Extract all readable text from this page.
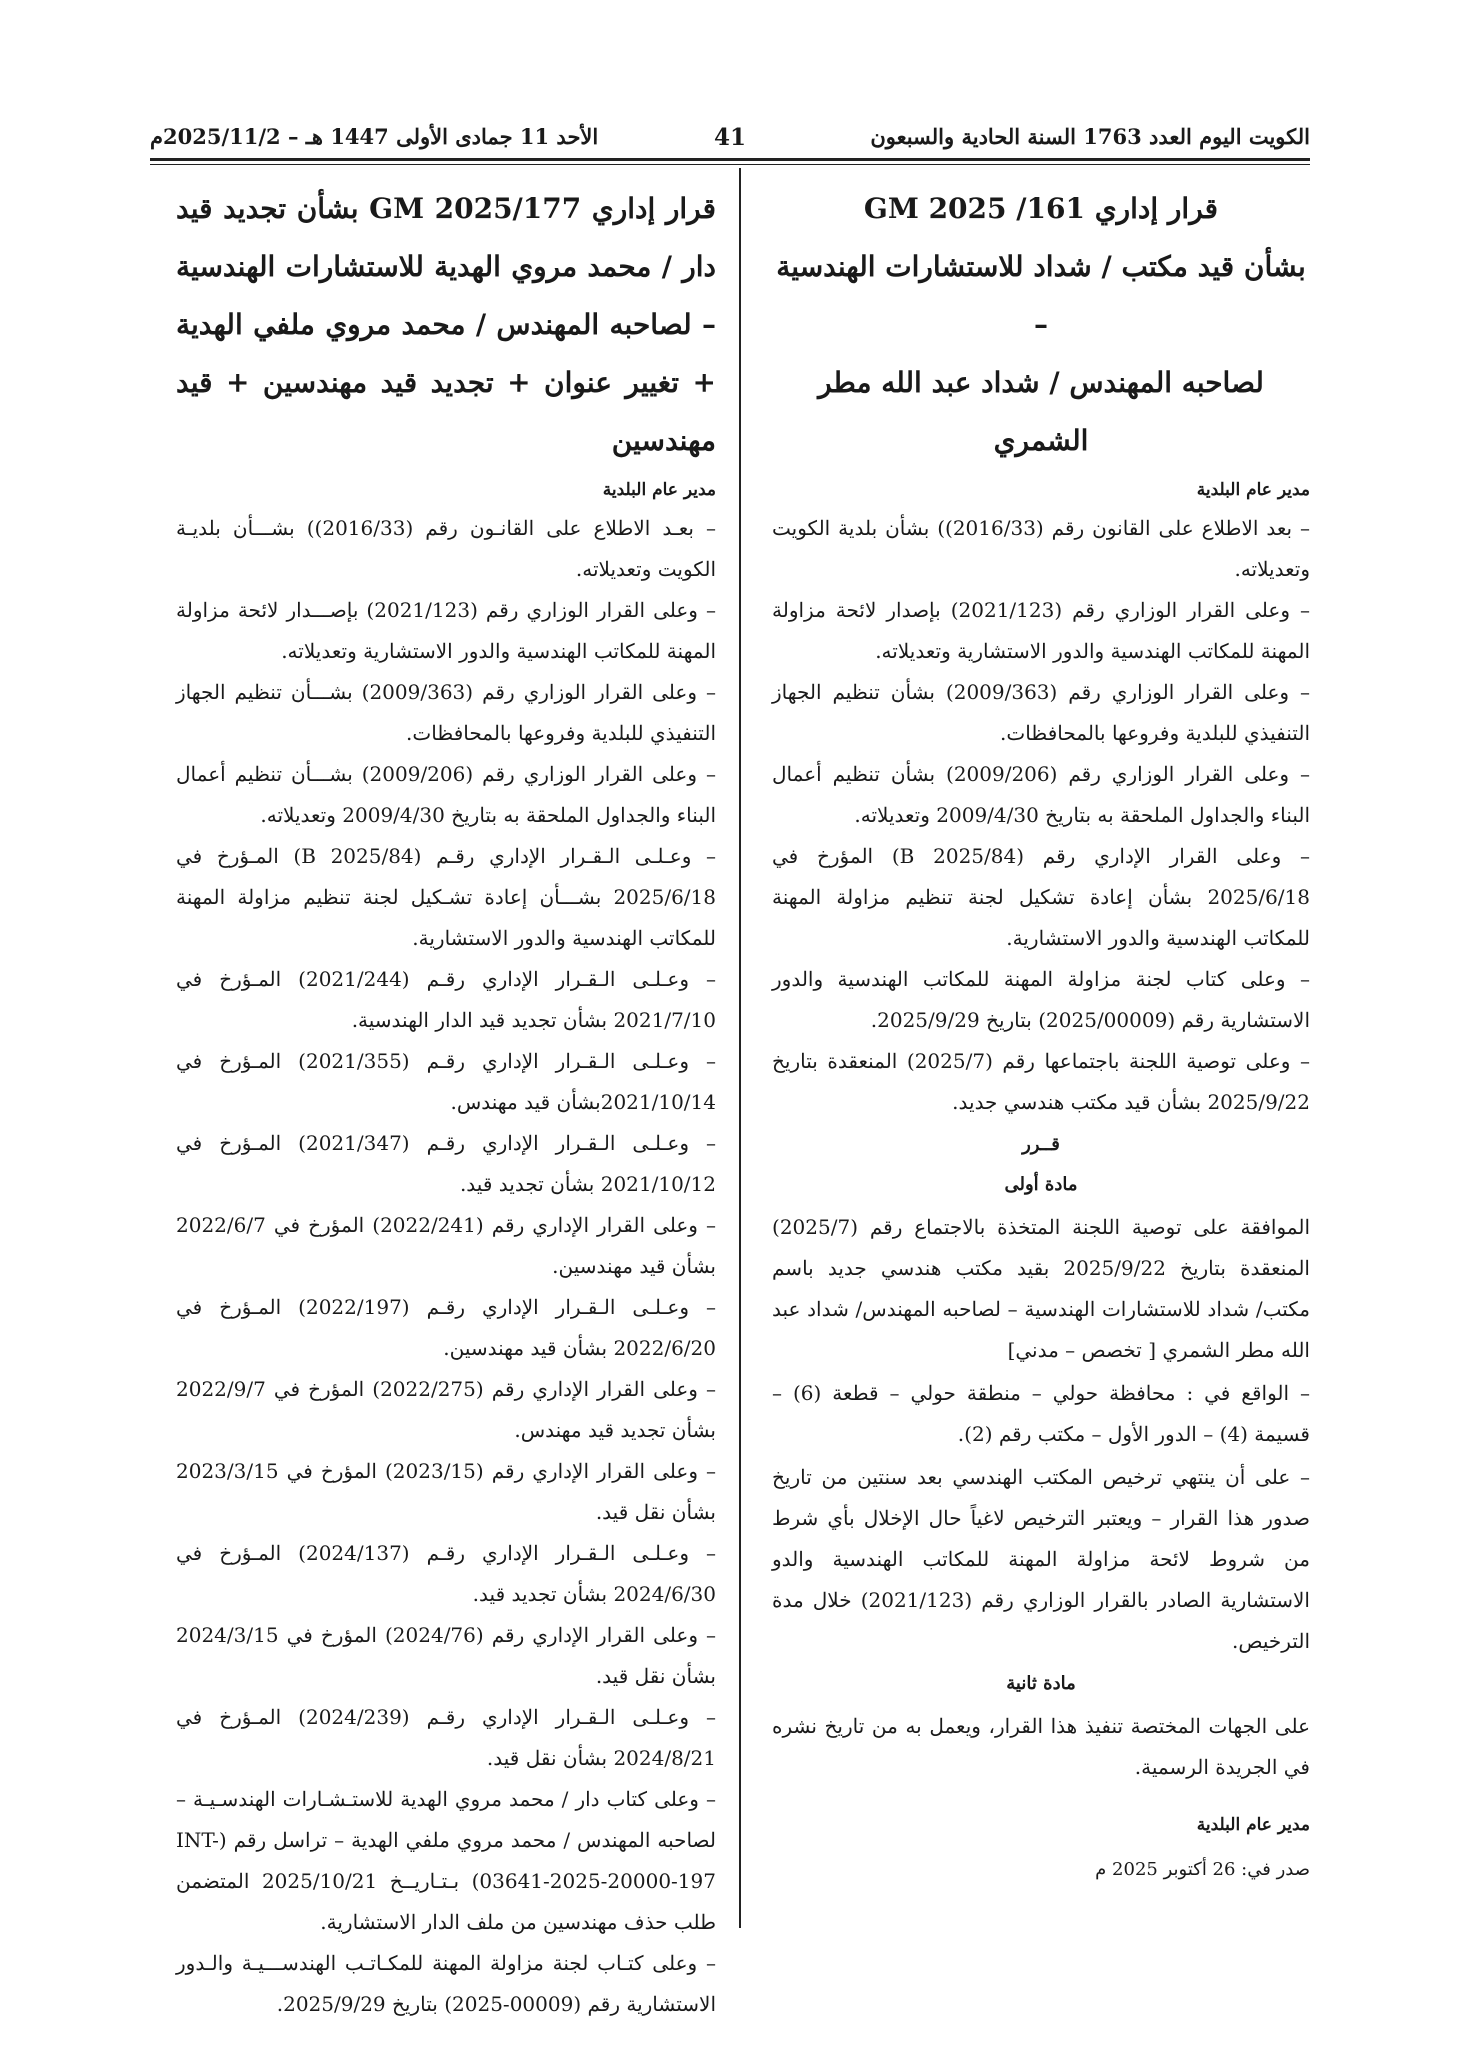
الأحد 11 جمادى الأولى 1447 هـ – 2025/11/2م	41	الكويت اليوم العدد 1763 السنة الحادية والسبعون

قرار إداري 161/ 2025 GM

بشأن قيد مكتب / شداد للاستشارات الهندسية –

لصاحبه المهندس / شداد عبد الله مطر الشمري

مدير عام البلدية

– بعد الاطلاع على القانون رقم (2016/33)) بشأن بلدية الكويت وتعديلاته.

– وعلى القرار الوزاري رقم (2021/123) بإصدار لائحة مزاولة المهنة للمكاتب الهندسية والدور الاستشارية وتعديلاته.

– وعلى القرار الوزاري رقم (2009/363) بشأن تنظيم الجهاز التنفيذي للبلدية وفروعها بالمحافظات.

– وعلى القرار الوزاري رقم (2009/206) بشأن تنظيم أعمال البناء والجداول الملحقة به بتاريخ 2009/4/30 وتعديلاته.

– وعلى القرار الإداري رقم (B 2025/84) المؤرخ في 2025/6/18 بشأن إعادة تشكيل لجنة تنظيم مزاولة المهنة للمكاتب الهندسية والدور الاستشارية.

– وعلى كتاب لجنة مزاولة المهنة للمكاتب الهندسية والدور الاستشارية رقم (2025/00009) بتاريخ 2025/9/29.

– وعلى توصية اللجنة باجتماعها رقم (2025/7) المنعقدة بتاريخ 2025/9/22 بشأن قيد مكتب هندسي جديد.

قــرر
مادة أولى

الموافقة على توصية اللجنة المتخذة بالاجتماع رقم (2025/7) المنعقدة بتاريخ 2025/9/22 بقيد مكتب هندسي جديد باسم مكتب/ شداد للاستشارات الهندسية – لصاحبه المهندس/ شداد عبد الله مطر الشمري [ تخصص – مدني]

– الواقع في : محافظة حولي – منطقة حولي – قطعة (6) – قسيمة (4) – الدور الأول – مكتب رقم (2).

– على أن ينتهي ترخيص المكتب الهندسي بعد سنتين من تاريخ صدور هذا القرار – ويعتبر الترخيص لاغياً حال الإخلال بأي شرط من شروط لائحة مزاولة المهنة للمكاتب الهندسية والدو الاستشارية الصادر بالقرار الوزاري رقم (2021/123) خلال مدة الترخيص.

مادة ثانية

على الجهات المختصة تنفيذ هذا القرار، ويعمل به من تاريخ نشره في الجريدة الرسمية.

مدير عام البلدية
صدر في: 26 أكتوبر 2025 م

قرار إداري GM 2025/177 بشأن تجديد قيد دار / محمد مروي الهدية للاستشارات الهندسية – لصاحبه المهندس / محمد مروي ملفي الهدية + تغيير عنوان + تجديد قيد مهندسين + قيد مهندسين

مدير عام البلدية

– بعـد الاطلاع على القانـون رقم (2016/33)) بشـــأن بلديـة الكويت وتعديلاته.

– وعلى القرار الوزاري رقم (2021/123) بإصـــدار لائحة مزاولة المهنة للمكاتب الهندسية والدور الاستشارية وتعديلاته.

– وعلى القرار الوزاري رقم (2009/363) بشـــأن تنظيم الجهاز التنفيذي للبلدية وفروعها بالمحافظات.

– وعلى القرار الوزاري رقم (2009/206) بشـــأن تنظيم أعمال البناء والجداول الملحقة به بتاريخ 2009/4/30 وتعديلاته.

– وعـلـى الـقـرار الإداري رقـم (B 2025/84) المـؤرخ في 2025/6/18 بشـــأن إعادة تشـكيل لجنة تنظيم مزاولة المهنة للمكاتب الهندسية والدور الاستشارية.

– وعـلـى الـقـرار الإداري رقـم (2021/244) المـؤرخ في 2021/7/10 بشأن تجديد قيد الدار الهندسية.

– وعـلـى الـقـرار الإداري رقـم (2021/355) المـؤرخ في 2021/10/14بشأن قيد مهندس.

– وعـلـى الـقـرار الإداري رقـم (2021/347) المـؤرخ في 2021/10/12 بشأن تجديد قيد.

– وعلى القرار الإداري رقم (2022/241) المؤرخ في 2022/6/7 بشأن قيد مهندسين.

– وعـلـى الـقـرار الإداري رقـم (2022/197) المـؤرخ في 2022/6/20 بشأن قيد مهندسين.

– وعلى القرار الإداري رقم (2022/275) المؤرخ في 2022/9/7 بشأن تجديد قيد مهندس.

– وعلى القرار الإداري رقم (2023/15) المؤرخ في 2023/3/15 بشأن نقل قيد.

– وعـلـى الـقـرار الإداري رقـم (2024/137) المـؤرخ في 2024/6/30 بشأن تجديد قيد.

– وعلى القرار الإداري رقم (2024/76) المؤرخ في 2024/3/15 بشأن نقل قيد.

– وعـلـى الـقـرار الإداري رقـم (2024/239) المـؤرخ في 2024/8/21 بشأن نقل قيد.

– وعلى كتاب دار / محمد مروي الهدية للاستـشـارات الهندسـيـة – لصاحبه المهندس / محمد مروي ملفي الهدية – تراسل رقم (INT-03641-2025-20000-197) بـتـاريــخ 2025/10/21 المتضمن طلب حذف مهندسين من ملف الدار الاستشارية.

– وعلى كتـاب لجنة مزاولة المهنة للمكـاتـب الهندســـيـة والـدور الاستشارية رقم (00009-2025) بتاريخ 2025/9/29.
